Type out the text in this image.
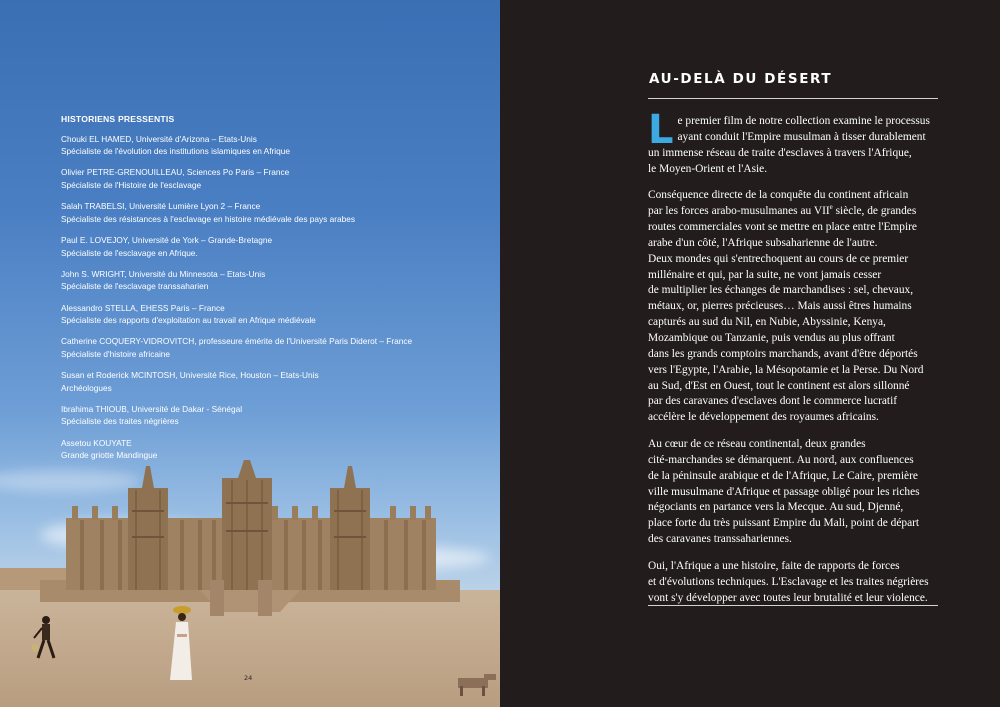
HISTORIENS PRESSENTIS
Chouki EL HAMED, Université d'Arizona – Etats-Unis
Spécialiste de l'évolution des institutions islamiques en Afrique
Olivier PETRE-GRENOUILLEAU, Sciences Po Paris – France
Spécialiste de l'Histoire de l'esclavage
Salah TRABELSI, Université Lumière Lyon 2 – France
Spécialiste des résistances à l'esclavage en histoire médiévale des pays arabes
Paul E. LOVEJOY, Université de York – Grande-Bretagne
Spécialiste de l'esclavage en Afrique.
John S. WRIGHT, Université du Minnesota – Etats-Unis
Spécialiste de l'esclavage transsaharien
Alessandro STELLA, EHESS Paris – France
Spécialiste des rapports d'exploitation au travail en Afrique médiévale
Catherine COQUERY-VIDROVITCH, professeure émérite de l'Université Paris Diderot – France
Spécialiste d'histoire africaine
Susan et Roderick MCINTOSH, Université Rice, Houston – Etats-Unis
Archéologues
Ibrahima THIOUB, Université de Dakar - Sénégal
Spécialiste des traites négrières
Assetou KOUYATE
Grande griotte Mandingue
24
AU-DELÀ DU DÉSERT

L e premier film de notre collection examine le processus
ayant conduit l'Empire musulman à tisser durablement
un immense réseau de traite d'esclaves à travers l'Afrique,
le Moyen-Orient et l'Asie.

Conséquence directe de la conquête du continent africain
par les forces arabo-musulmanes au VIIe siècle, de grandes
routes commerciales vont se mettre en place entre l'Empire
arabe d'un côté, l'Afrique subsaharienne de l'autre.
Deux mondes qui s'entrechoquent au cours de ce premier
millénaire et qui, par la suite, ne vont jamais cesser
de multiplier les échanges de marchandises : sel, chevaux,
métaux, or, pierres précieuses… Mais aussi êtres humains
capturés au sud du Nil, en Nubie, Abyssinie, Kenya,
Mozambique ou Tanzanie, puis vendus au plus offrant
dans les grands comptoirs marchands, avant d'être déportés
vers l'Egypte, l'Arabie, la Mésopotamie et la Perse. Du Nord
au Sud, d'Est en Ouest, tout le continent est alors sillonné
par des caravanes d'esclaves dont le commerce lucratif
accélère le développement des royaumes africains.

Au cœur de ce réseau continental, deux grandes
cité-marchandes se démarquent. Au nord, aux confluences
de la péninsule arabique et de l'Afrique, Le Caire, première
ville musulmane d'Afrique et passage obligé pour les riches
négociants en partance vers la Mecque. Au sud, Djenné,
place forte du très puissant Empire du Mali, point de départ
des caravanes transsahariennes.

Oui, l'Afrique a une histoire, faite de rapports de forces
et d'évolutions techniques. L'Esclavage et les traites négrières
vont s'y développer avec toutes leur brutalité et leur violence.
